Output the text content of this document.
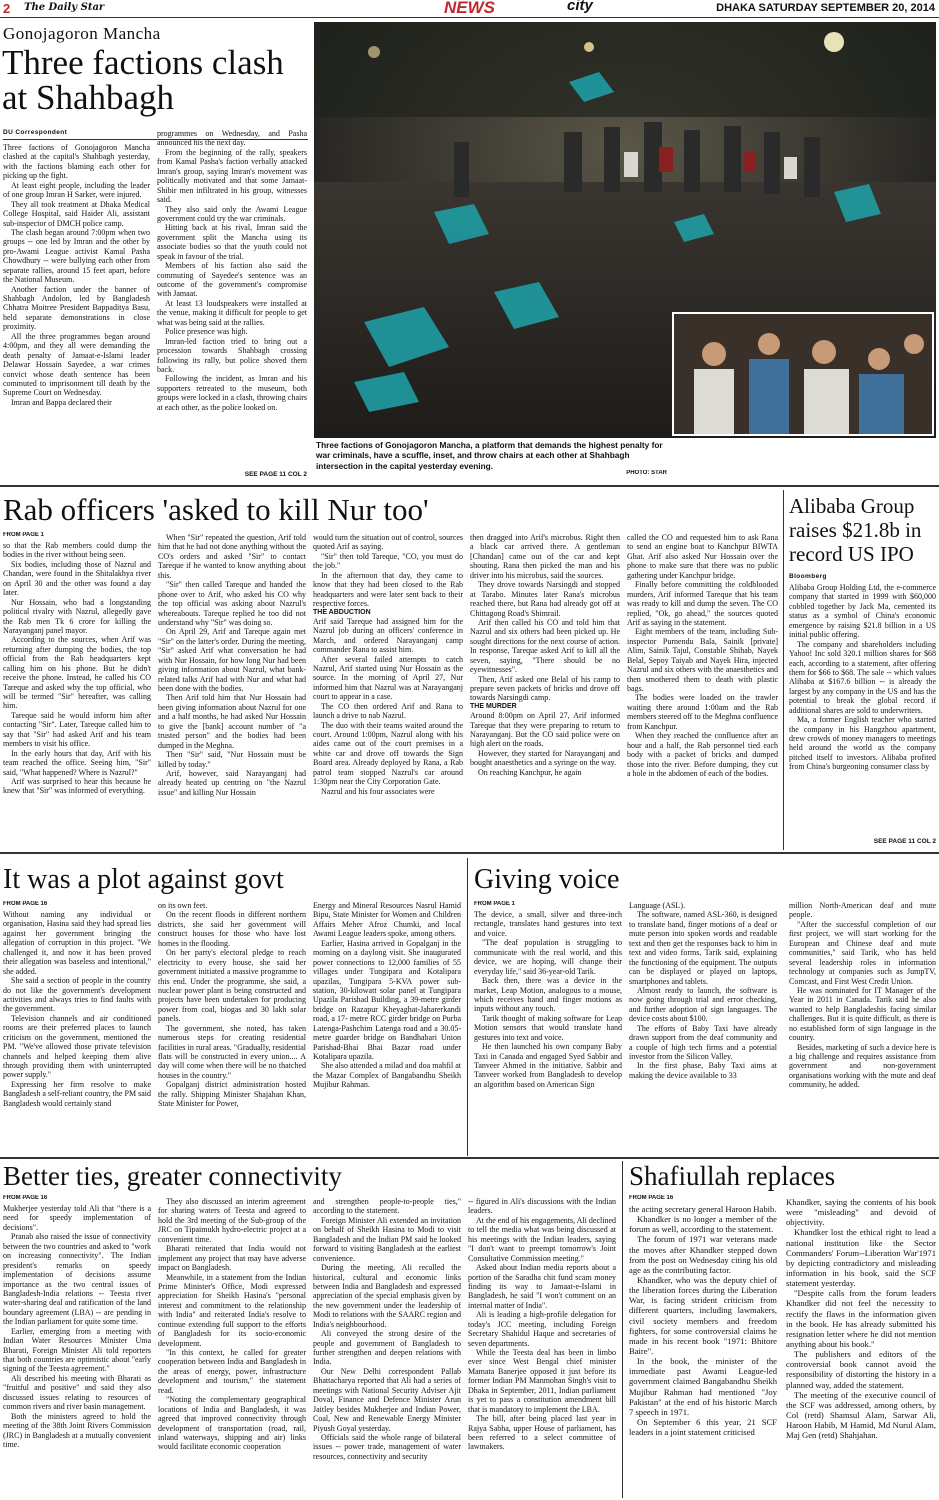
2 The Daily Star	NEWS	city	DHAKA SATURDAY SEPTEMBER 20, 2014
Gonojagoron Mancha
Three factions clash at Shahbagh
DU Correspondent

Three factions of Gonojagoron Mancha clashed at the capital's Shahbagh yesterday, with the factions blaming each other for picking up the fight.

At least eight people, including the leader of one group Imran H Sarker, were injured.

They all took treatment at Dhaka Medical College Hospital, said Haider Ali, assistant sub-inspector of DMCH police camp.

The clash began around 7:00pm when two groups -- one led by Imran and the other by pro-Awami League activist Kamal Pasha Chowdhury -- were bullying each other from separate rallies, around 15 feet apart, before the National Museum.

Another faction under the banner of Shahbagh Andolon, led by Bangladesh Chhatra Moitree President Bappaditya Basu, held separate demonstrations in close proximity.

All the three programmes began around 4:00pm, and they all were demanding the death penalty of Jamaat-e-Islami leader Delawar Hossain Sayedee, a war crimes convict whose death sentence has been commuted to imprisonment till death by the Supreme Court on Wednesday.

Imran and Bappa declared their

programmes on Wednesday, and Pasha announced his the next day.

From the beginning of the rally, speakers from Kamal Pasha's faction verbally attacked Imran's group, saying Imran's movement was politically motivated and that some Jamaat-Shibir men infiltrated in his group, witnesses said.

They also said only the Awami League government could try the war criminals.

Hitting back at his rival, Imran said the government split the Mancha using its associate bodies so that the youth could not speak in favour of the trial.

Members of his faction also said the commuting of Sayedee's sentence was an outcome of the government's compromise with Jamaat.

At least 13 loudspeakers were installed at the venue, making it difficult for people to get what was being said at the rallies.

Police presence was high.

Imran-led faction tried to bring out a procession towards Shahbagh crossing following its rally, but police shoved them back.

Following the incident, as Imran and his supporters retreated to the museum, both groups were locked in a clash, throwing chairs at each other, as the police looked on.

SEE PAGE 11 COL 2
Three factions of Gonojagoron Mancha, a platform that demands the highest penalty for war criminals, have a scuffle, inset, and throw chairs at each other at Shahbagh intersection in the capital yesterday evening.
PHOTO: STAR
Rab officers 'asked to kill Nur too'
FROM PAGE 1

so that the Rab members could dump the bodies in the river without being seen.

Six bodies, including those of Nazrul and Chandan, were found in the Shitalakhya river on April 30 and the other was found a day later.

Nur Hossain, who had a longstanding political rivalry with Nazrul, allegedly gave the Rab men Tk 6 crore for killing the Narayanganj panel mayor.

According to the sources, when Arif was returning after dumping the bodies, the top official from the Rab headquarters kept calling him on his phone. But he didn't receive the phone. Instead, he called his CO Tareque and asked why the top official, who will be termed "Sir" hereafter, was calling him.

Tareque said he would inform him after contacting "Sir". Later, Tareque called him to say that "Sir" had asked Arif and his team members to visit his office.

In the early hours that day, Arif with his team reached the office. Seeing him, "Sir" said, "What happened? Where is Nazrul?"

Arif was surprised to hear this because he knew that "Sir" was informed of everything.

When "Sir" repeated the question, Arif told him that he had not done anything without the CO's orders and asked "Sir" to contact Tareque if he wanted to know anything about this.

"Sir" then called Tareque and handed the phone over to Arif, who asked his CO why the top official was asking about Nazrul's whereabouts. Tareque replied he too did not understand why "Sir" was doing so.

On April 29, Arif and Tareque again met "Sir" on the latter's order. During the meeting, "Sir" asked Arif what conversation he had with Nur Hossain, for how long Nur had been giving information about Nazrul, what bank-related talks Arif had with Nur and what had been done with the bodies.

Then Arif told him that Nur Hossain had been giving information about Nazrul for one and a half months, he had asked Nur Hossain to give the [bank] account number of "a trusted person" and the bodies had been dumped in the Meghna.

Then "Sir" said, "Nur Hossain must be killed by today."

Arif, however, said Narayanganj had already heated up centring on "the Nazrul issue" and killing Nur Hossain

would turn the situation out of control, sources quoted Arif as saying.

"Sir" then told Tareque, "CO, you must do the job."

In the afternoon that day, they came to know that they had been closed to the Rab headquarters and were later sent back to their respective forces.

THE ABDUCTION

Arif said Tareque had assigned him for the Nazrul job during an officers' conference in March, and ordered Narayanganj camp commander Rana to assist him.

After several failed attempts to catch Nazrul, Arif started using Nur Hossain as the source. In the morning of April 27, Nur informed him that Nazrul was at Narayanganj court to appear in a case.

The CO then ordered Arif and Rana to launch a drive to nab Nazrul.

The duo with their teams waited around the court. Around 1:00pm, Nazrul along with his aides came out of the court premises in a white car and drove off towards the Sign Board area. Already deployed by Rana, a Rab patrol team stopped Nazrul's car around 1:30pm near the City Corporation Gate.

Nazrul and his four associates were

then dragged into Arif's microbus. Right then a black car arrived there. A gentleman [Chandan] came out of the car and kept shouting. Rana then picked the man and his driver into his microbus, said the sources.

They drove towards Narsingdi and stopped at Tarabo. Minutes later Rana's microbus reached there, but Rana had already got off at Chittagong Road's Shimrail.

Arif then called his CO and told him that Nazrul and six others had been picked up. He sought directions for the next course of action. In response, Tareque asked Arif to kill all the seven, saying, "There should be no eyewitnesses".

Then, Arif asked one Belal of his camp to prepare seven packets of bricks and drove off towards Narsingdi camp.

THE MURDER

Around 8:00pm on April 27, Arif informed Tareque that they were preparing to return to Narayanganj. But the CO said police were on high alert on the roads.

However, they started for Narayanganj and bought anaesthetics and a syringe on the way.

On reaching Kanchpur, he again

called the CO and requested him to ask Rana to send an engine boat to Kanchpur BIWTA Ghat. Arif also asked Nur Hossain over the phone to make sure that there was no public gathering under Kanchpur bridge.

Finally before committing the coldblooded murders, Arif informed Tareque that his team was ready to kill and dump the seven. The CO replied, "Ok, go ahead," the sources quoted Arif as saying in the statement.

Eight members of the team, including Sub-inspector Purnendu Bala, Sainik [private] Alim, Sainik Tajul, Constable Shihab, Nayek Belal, Sepoy Taiyab and Nayek Hira, injected Nazrul and six others with the anaesthetics and then smothered them to death with plastic bags.

The bodies were loaded on the trawler waiting there around 1:00am and the Rab members steered off to the Meghna confluence from Kanchpur.

When they reached the confluence after an hour and a half, the Rab personnel tied each body with a packet of bricks and dumped those into the river. Before dumping, they cut a hole in the abdomen of each of the bodies.

Alibaba Group raises $21.8b in record US IPO
Bloomberg

Alibaba Group Holding Ltd, the e-commerce company that started in 1999 with $60,000 cobbled together by Jack Ma, cemented its status as a symbol of China's economic emergence by raising $21.8 billion in a US initial public offering.

The company and shareholders including Yahoo! Inc sold 320.1 million shares for $68 each, according to a statement, after offering them for $66 to $68. The sale -- which values Alibaba at $167.6 billion -- is already the largest by any company in the US and has the potential to break the global record if additional shares are sold to underwriters.

Ma, a former English teacher who started the company in his Hangzhou apartment, drew crowds of money managers to meetings held around the world as the company pitched itself to investors. Alibaba profited from China's burgeoning consumer class by

SEE PAGE 11 COL 2
It was a plot against govt
FROM PAGE 16

Without naming any individual or organisation, Hasina said they had spread lies against her government bringing the allegation of corruption in this project. "We challenged it, and now it has been proved their allegation was baseless and intentional," she added.

She said a section of people in the country do not like the government's development activities and always tries to find faults with the government.

Television channels and air conditioned rooms are their preferred places to launch criticism on the government, mentioned the PM. "We've allowed those private television channels and helped keeping them alive through providing them with uninterrupted power supply."

Expressing her firm resolve to make Bangladesh a self-reliant country, the PM said Bangladesh would certainly stand

on its own feet.

On the recent floods in different northern districts, she said her government will construct houses for those who have lost homes in the flooding.

On her party's electoral pledge to reach electricity to every house, she said her government initiated a massive programme to this end. Under the programme, she said, a nuclear power plant is being constructed and projects have been undertaken for producing power from coal, biogas and 30 lakh solar panels.

The government, she noted, has taken numerous steps for creating residential facilities in rural areas. "Gradually, residential flats will be constructed in every union.... A day will come when there will be no thatched houses in the country."

Gopalganj district administration hosted the rally. Shipping Minister Shajahan Khan, State Minister for Power,

Energy and Mineral Resources Nasrul Hamid Bipu, State Minister for Women and Children Affairs Meher Afroz Chumki, and local Awami League leaders spoke, among others.

Earlier, Hasina arrived in Gopalganj in the morning on a daylong visit. She inaugurated power connections to 12,000 families of 55 villages under Tungipara and Kotalipara upazilas, Tungipara 5-KVA power sub-station, 30-kilowatt solar panel at Tungipara Upazila Parishad Building, a 39-metre girder bridge on Razapur Kheyaghat-Jaharerkandi road, a 17- metre RCC girder bridge on Purba Latenga-Pashchim Latenga road and a 30.05-metre guarder bridge on Bandhabari Union Parishad-Bhai Bhai Bazar road under Kotalipara upazila.

She also attended a milad and doa mahfil at the Mazar Complex of Bangabandhu Sheikh Mujibur Rahman.

Giving voice
FROM PAGE 1

The device, a small, silver and three-inch rectangle, translates hand gestures into text and voice.

"The deaf population is struggling to communicate with the real world, and this device, we are hoping, will change their everyday life," said 36-year-old Tarik.

Back then, there was a device in the market, Leap Motion, analogous to a mouse, which receives hand and finger motions as inputs without any touch.

Tarik thought of making software for Leap Motion sensors that would translate hand gestures into text and voice.

He then launched his own company Baby Taxi in Canada and engaged Syed Sabbir and Tanveer Ahmed in the initiative. Sabbir and Tanveer worked from Bangladesh to develop an algorithm based on American Sign

Language (ASL).

The software, named ASL-360, is designed to translate hand, finger motions of a deaf or mute person into spoken words and readable text and then get the responses back to him in text and video forms, Tarik said, explaining the functioning of the equipment. The outputs can be displayed or played on laptops, smartphones and tablets.

Almost ready to launch, the software is now going through trial and error checking, and further adoption of sign languages. The device costs about $100.

The efforts of Baby Taxi have already drawn support from the deaf community and a couple of high tech firms and a potential investor from the Silicon Valley.

In the first phase, Baby Taxi aims at making the device available to 33

million North-American deaf and mute people.

"After the successful completion of our first project, we will start working for the European and Chinese deaf and mute communities," said Tarik, who has held several leadership roles in information technology at companies such as JumpTV, Comcast, and First West Credit Union.

He was nominated for IT Manager of the Year in 2011 in Canada. Tarik said he also wanted to help Bangladeshis facing similar challenges. But it is quite difficult, as there is no established form of sign language in the country.

Besides, marketing of such a device here is a big challenge and requires assistance from government and non-government organisations working with the mute and deaf community, he added.

Better ties, greater connectivity
FROM PAGE 16

Mukherjee yesterday told Ali that "there is a need for speedy implementation of decisions".

Pranab also raised the issue of connectivity between the two countries and asked to "work on increasing connectivity". The Indian president's remarks on speedy implementation of decisions assume importance as the two central issues of Bangladesh-India relations -- Teesta river water-sharing deal and ratification of the land boundary agreement (LBA) -- are pending in the Indian parliament for quite some time.

Earlier, emerging from a meeting with Indian Water Resources Minister Uma Bharati, Foreign Minister Ali told reporters that both countries are optimistic about "early signing of the Teesta agreement."

Ali described his meeting with Bharati as "fruitful and positive" and said they also discussed issues relating to resources of common rivers and river basin management.

Both the ministers agreed to hold the meeting of the 38th Joint Rivers Commission (JRC) in Bangladesh at a mutually convenient time.

They also discussed an interim agreement for sharing waters of Teesta and agreed to hold the 3rd meeting of the Sub-group of the JRC on Tipaimukh hydro-electric project at a convenient time.

Bharati reiterated that India would not implement any project that may have adverse impact on Bangladesh.

Meanwhile, in a statement from the Indian Prime Minister's Office, Modi expressed appreciation for Sheikh Hasina's "personal interest and commitment to the relationship with India" and reiterated India's resolve to continue extending full support to the efforts of Bangladesh for its socio-economic development.

"In this context, he called for greater cooperation between India and Bangladesh in the areas of energy, power, infrastructure development and tourism," the statement read.

"Noting the complementary geographical locations of India and Bangladesh, it was agreed that improved connectivity through development of transportation (road, rail, inland waterways, shipping and air) links would facilitate economic cooperation

and strengthen people-to-people ties," according to the statement.

Foreign Minister Ali extended an invitation on behalf of Sheikh Hasina to Modi to visit Bangladesh and the Indian PM said he looked forward to visiting Bangladesh at the earliest convenience.

During the meeting, Ali recalled the historical, cultural and economic links between India and Bangladesh and expressed appreciation of the special emphasis given by the new government under the leadership of Modi to relations with the SAARC region and India's neighbourhood.

Ali conveyed the strong desire of the people and government of Bangladesh to further strengthen and deepen relations with India.

Our New Delhi correspondent Pallab Bhattacharya reported that Ali had a series of meetings with National Security Adviser Ajit Doval, Finance and Defence Minister Arun Jaitley besides Mukherjee and Indian Power, Coal, New and Renewable Energy Minister Piyush Goyal yesterday.

Officials said the whole range of bilateral issues -- power trade, management of water resources, connectivity and security

-- figured in Ali's discussions with the Indian leaders.

At the end of his engagements, Ali declined to tell the media what was being discussed at his meetings with the Indian leaders, saying "I don't want to preempt tomorrow's Joint Consultative Commission meeting."

Asked about Indian media reports about a portion of the Saradha chit fund scam money finding its way to Jamaat-e-Islami in Bangladesh, he said "I won't comment on an internal matter of India".

Ali is leading a high-profile delegation for today's JCC meeting, including Foreign Secretary Shahidul Haque and secretaries of seven departments.

While the Teesta deal has been in limbo ever since West Bengal chief minister Mamata Banerjee opposed it just before its former Indian PM Manmohan Singh's visit to Dhaka in September, 2011, Indian parliament is yet to pass a constitution amendment bill that is mandatory to implement the LBA.

The bill, after being placed last year in Rajya Sabha, upper House of parliament, has been referred to a select committee of lawmakers.

Shafiullah replaces
FROM PAGE 16

the acting secretary general Haroon Habib.

Khandker is no longer a member of the forum as well, according to the statement.

The forum of 1971 war veterans made the moves after Khandker stepped down from the post on Wednesday citing his old age as the contributing factor.

Khandker, who was the deputy chief of the liberation forces during the Liberation War, is facing strident criticism from different quarters, including lawmakers, civil society members and freedom fighters, for some controversial claims he made in his recent book "1971: Bhitore Baire".

In the book, the minister of the immediate past Awami League-led government claimed Bangabandhu Sheikh Mujibur Rahman had mentioned "Joy Pakistan" at the end of his historic March 7 speech in 1971.

On September 6 this year, 21 SCF leaders in a joint statement criticised

Khandker, saying the contents of his book were "misleading" and devoid of objectivity.

Khandker lost the ethical right to lead a national institution like the Sector Commanders' Forum--Liberation War'1971 by depicting contradictory and misleading information in his book, said the SCF statement yesterday.

"Despite calls from the forum leaders Khandker did not feel the necessity to rectify the flaws in the information given in the book. He has already submitted his resignation letter where he did not mention anything about his book."

The publishers and editors of the controversial book cannot avoid the responsibility of distorting the history in a planned way, added the statement.

The meeting of the executive council of the SCF was addressed, among others, by Col (retd) Shamsul Alam, Sarwar Ali, Haroon Habib, M Hamid, Md Nurul Alam, Maj Gen (retd) Shahjahan.
